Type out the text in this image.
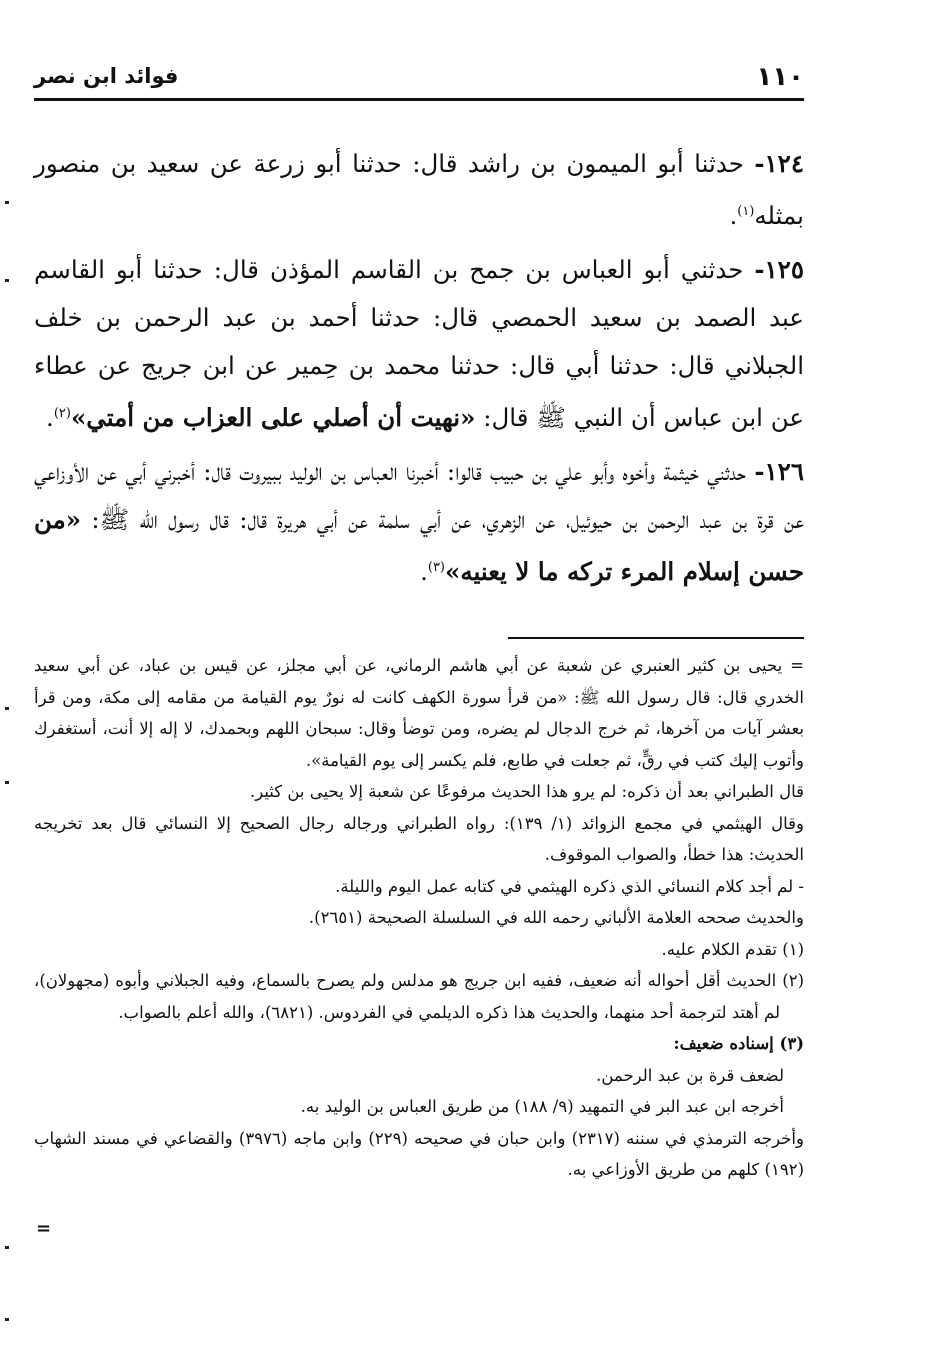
١١٠
فوائد ابن نصر

١٢٤- حدثنا أبو الميمون بن راشد قال: حدثنا أبو زرعة عن سعيد بن منصور بمثله$^{(١)}$.

١٢٥- حدثني أبو العباس بن جمح بن القاسم المؤذن قال: حدثنا أبو القاسم عبد الصمد بن سعيد الحمصي قال: حدثنا أحمد بن عبد الرحمن بن خلف الجبلاني قال: حدثنا أبي قال: حدثنا محمد بن حِمير عن ابن جريج عن عطاء عن ابن عباس أن النبي ﷺ قال: «نهيت أن أصلي على العزاب من أمتي»$^{(٢)}$.

١٢٦- حدثني خيثمة وأخوه وأبو علي بن حبيب قالوا: أخبرنا العباس بن الوليد ببيروت قال: أخبرني أبي عن الأوزاعي عن قرة بن عبد الرحمن بن حيوئيل، عن الزهري، عن أبي سلمة عن أبي هريرة قال: قال رسول الله ﷺ: «من حسن إسلام المرء تركه ما لا يعنيه»$^{(٣)}$.

= يحيى بن كثير العنبري عن شعبة عن أبي هاشم الرماني، عن أبي مجلز، عن قيس بن عباد، عن أبي سعيد الخدري قال: قال رسول الله ﷺ: «من قرأ سورة الكهف كانت له نورٌ يوم القيامة من مقامه إلى مكة، ومن قرأ بعشر آيات من آخرها، ثم خرج الدجال لم يضره، ومن توضأ وقال: سبحان اللهم وبحمدك، لا إله إلا أنت، أستغفرك وأتوب إليك كتب في رقٍّ، ثم جعلت في طابع، فلم يكسر إلى يوم القيامة».

قال الطبراني بعد أن ذكره: لم يرو هذا الحديث مرفوعًا عن شعبة إلا يحيى بن كثير.

وقال الهيثمي في مجمع الزوائد (١/ ١٣٩): رواه الطبراني ورجاله رجال الصحيح إلا النسائي قال بعد تخريجه الحديث: هذا خطأ، والصواب الموقوف.

- لم أجد كلام النسائي الذي ذكره الهيثمي في كتابه عمل اليوم والليلة.

والحديث صححه العلامة الألباني رحمه الله في السلسلة الصحيحة (٢٦٥١).

(١) تقدم الكلام عليه.

(٢) الحديث أقل أحواله أنه ضعيف، ففيه ابن جريج هو مدلس ولم يصرح بالسماع، وفيه الجبلاني وأبوه (مجهولان)، لم أهتد لترجمة أحد منهما، والحديث هذا ذكره الديلمي في الفردوس. (٦٨٢١)، والله أعلم بالصواب.

(٣) إسناده ضعيف:

لضعف قرة بن عبد الرحمن.

أخرجه ابن عبد البر في التمهيد (٩/ ١٨٨) من طريق العباس بن الوليد به.

وأخرجه الترمذي في سننه (٢٣١٧) وابن حبان في صحيحه (٢٢٩) وابن ماجه (٣٩٧٦) والقضاعي في مسند الشهاب (١٩٢) كلهم من طريق الأوزاعي به.

=
